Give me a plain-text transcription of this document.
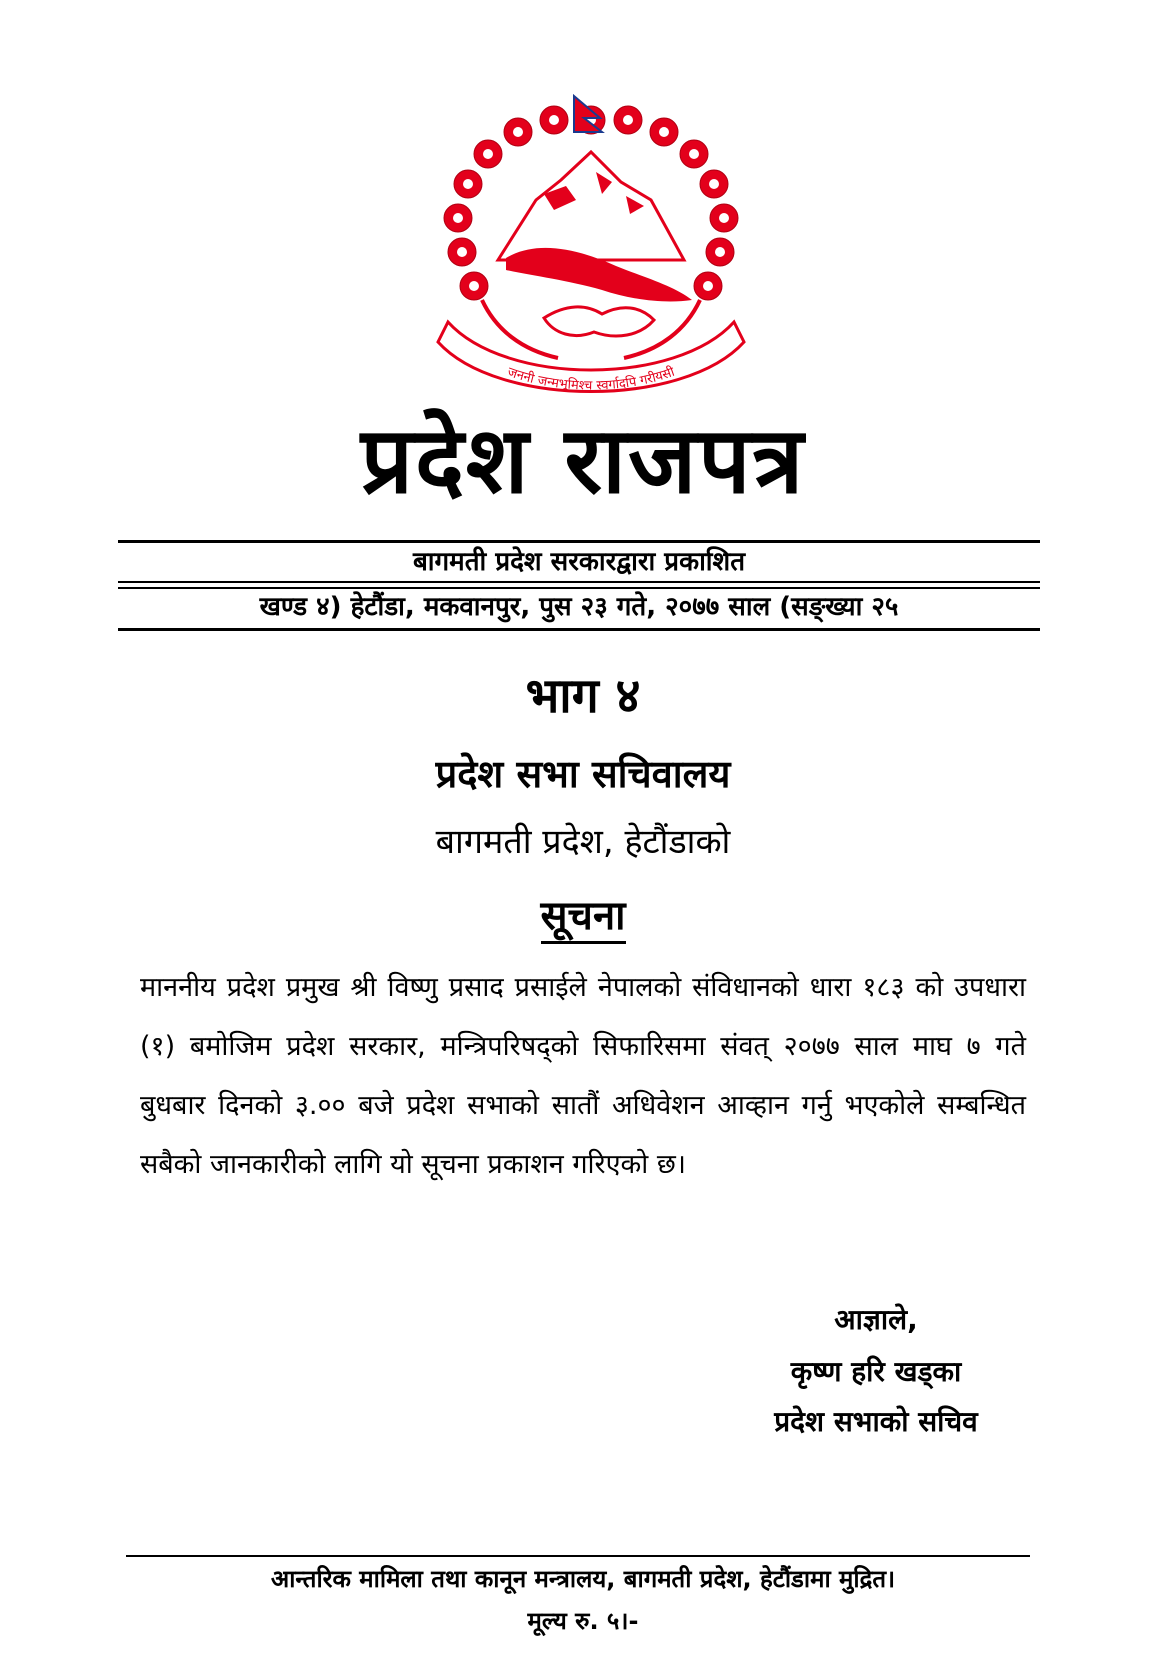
जननी जन्मभूमिश्च स्वर्गादपि गरीयसी
प्रदेश राजपत्र
बागमती प्रदेश सरकारद्वारा प्रकाशित
खण्ड ४) हेटौंडा, मकवानपुर, पुस २३ गते, २०७७ साल (सङ्ख्या २५
भाग ४
प्रदेश सभा सचिवालय
बागमती प्रदेश, हेटौंडाको
सूचना
माननीय प्रदेश प्रमुख श्री विष्णु प्रसाद प्रसाईले नेपालको संविधानको धारा १८३ को उपधारा (१) बमोजिम प्रदेश सरकार, मन्त्रिपरिषद्को सिफारिसमा संवत् २०७७ साल माघ ७ गते बुधबार दिनको ३.०० बजे प्रदेश सभाको सातौं अधिवेशन आव्हान गर्नु भएकोले सम्बन्धित सबैको जानकारीको लागि यो सूचना प्रकाशन गरिएको छ।
आज्ञाले,
कृष्ण हरि खड्का
प्रदेश सभाको सचिव
आन्तरिक मामिला तथा कानून मन्त्रालय, बागमती प्रदेश, हेटौंडामा मुद्रित।
मूल्य रु. ५।-
